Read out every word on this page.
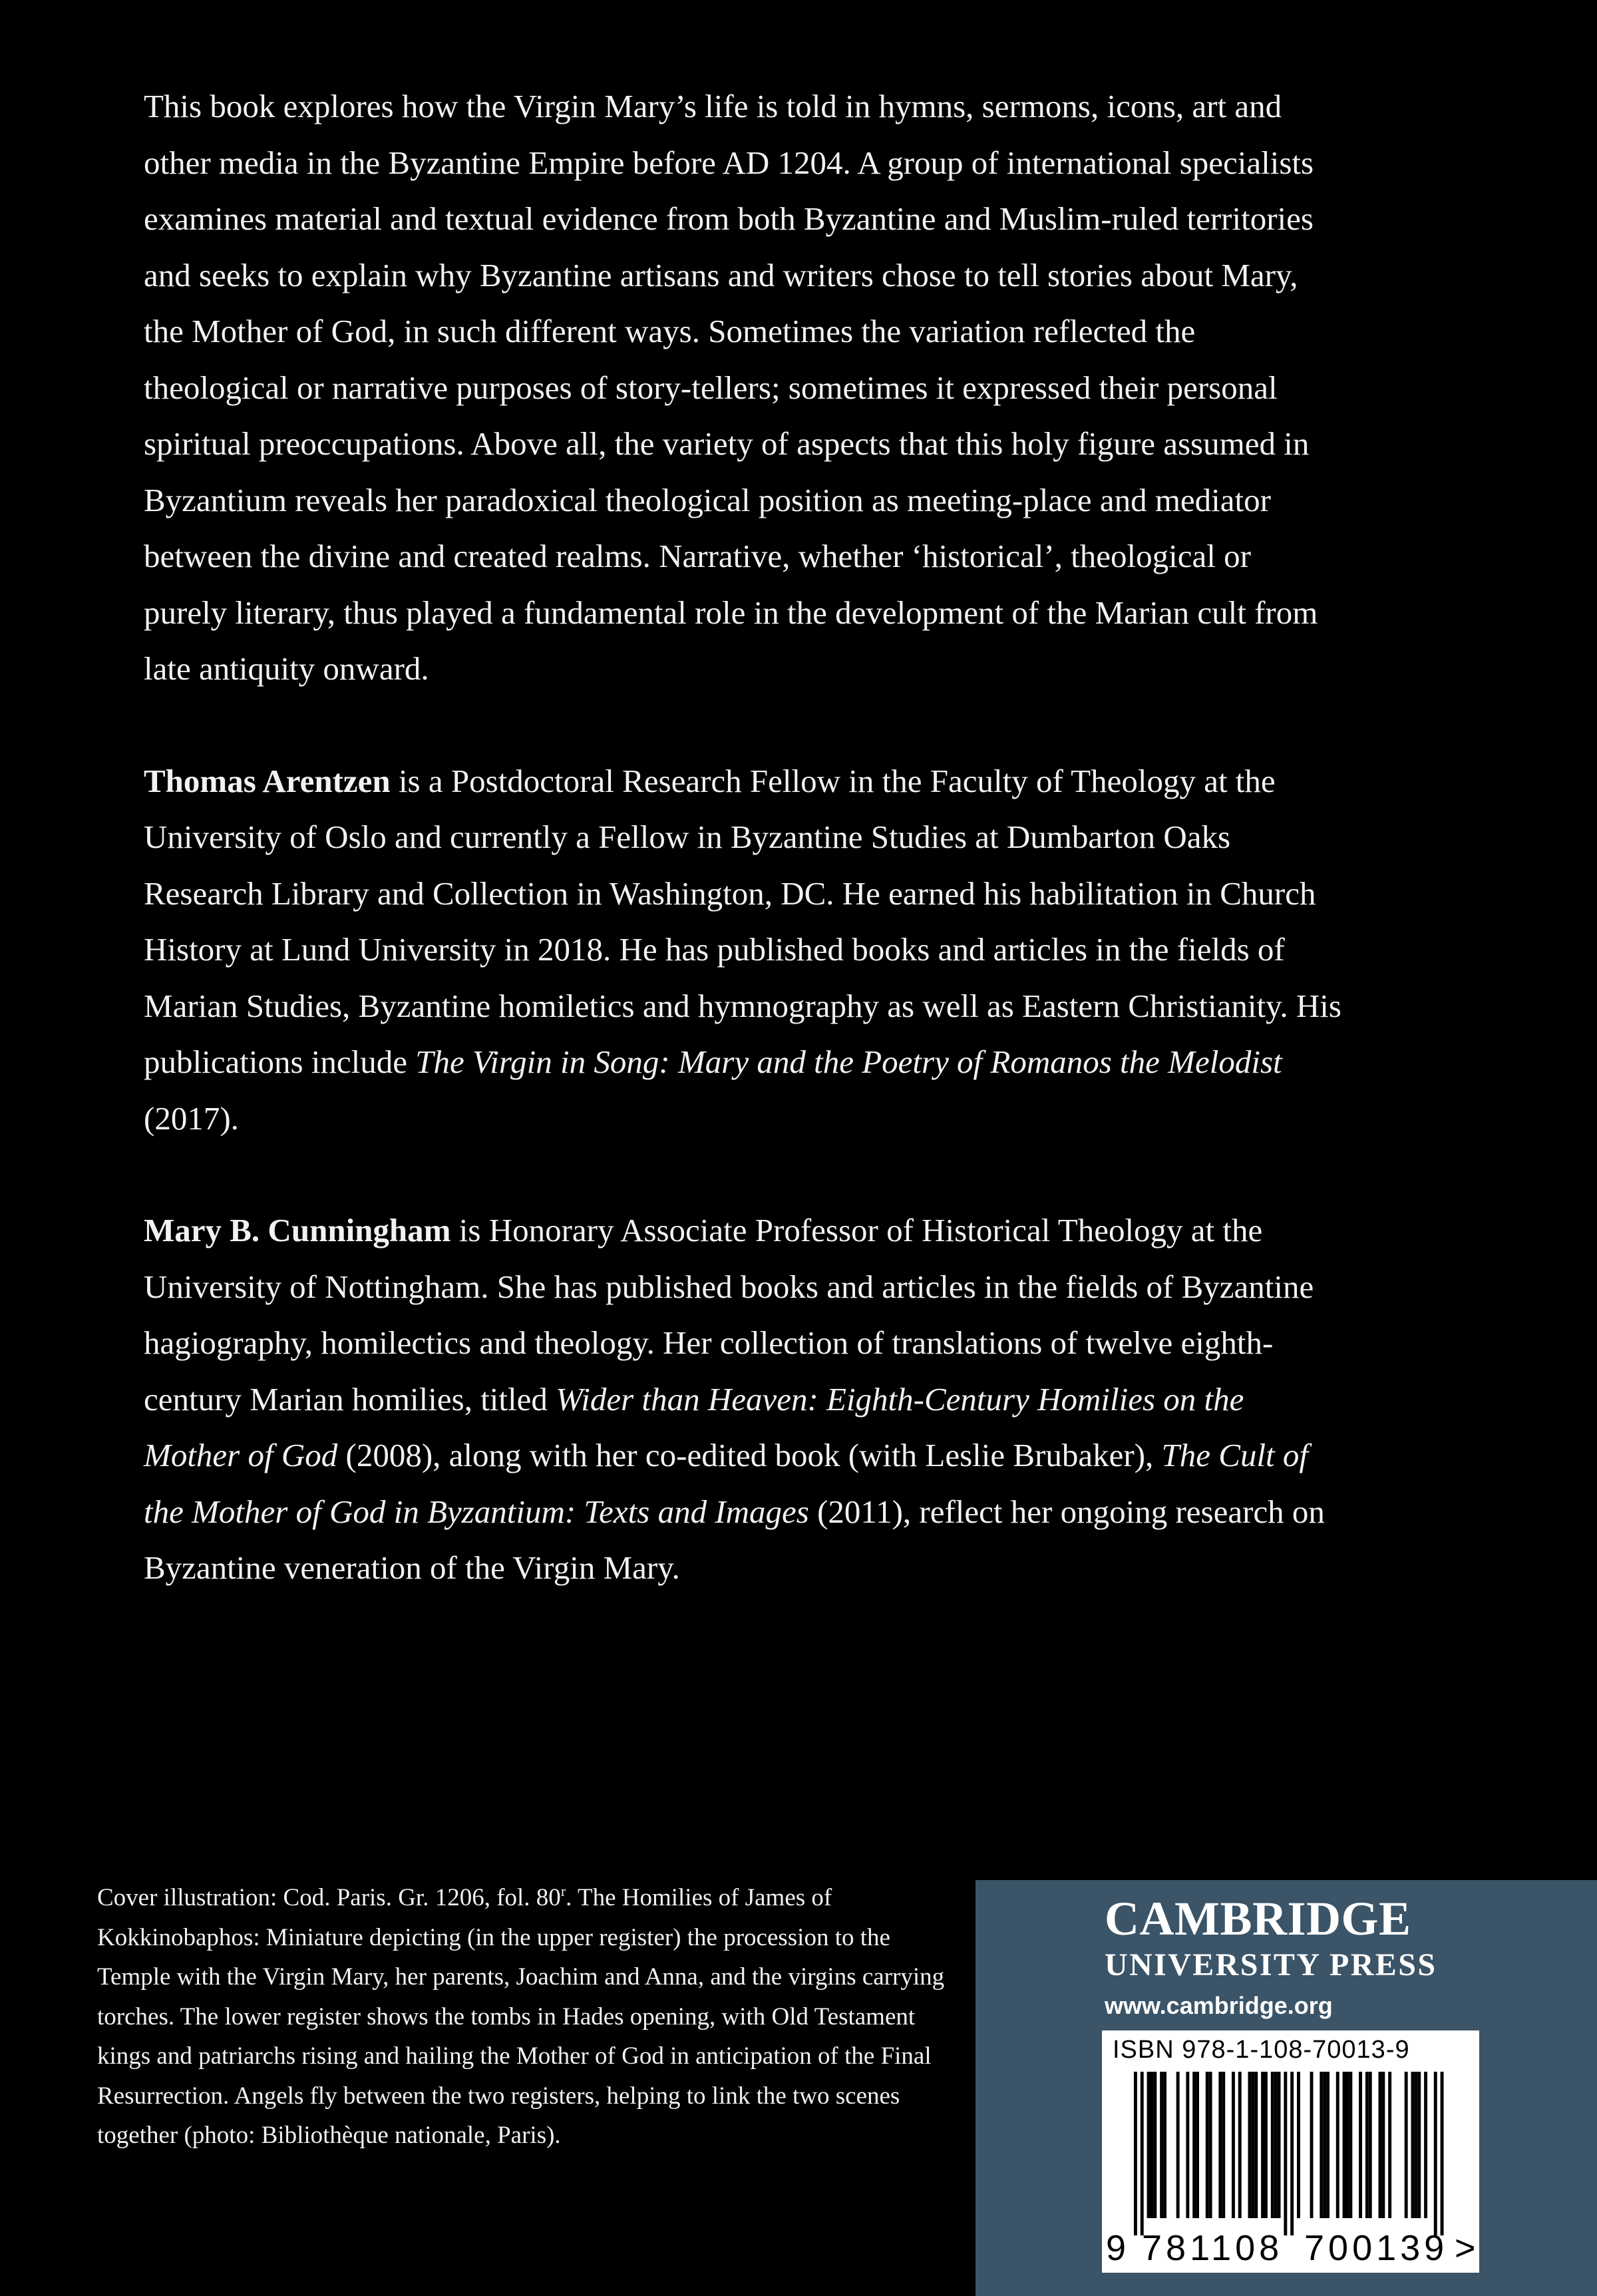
This book explores how the Virgin Mary’s life is told in hymns, sermons, icons, art and other media in the Byzantine Empire before AD 1204. A group of international specialists examines material and textual evidence from both Byzantine and Muslim-ruled territories and seeks to explain why Byzantine artisans and writers chose to tell stories about Mary, the Mother of God, in such different ways. Sometimes the variation reflected the theological or narrative purposes of story-tellers; sometimes it expressed their personal spiritual preoccupations. Above all, the variety of aspects that this holy figure assumed in Byzantium reveals her paradoxical theological position as meeting-place and mediator between the divine and created realms. Narrative, whether ‘historical’, theological or purely literary, thus played a fundamental role in the development of the Marian cult from late antiquity onward.

Thomas Arentzen is a Postdoctoral Research Fellow in the Faculty of Theology at the University of Oslo and currently a Fellow in Byzantine Studies at Dumbarton Oaks Research Library and Collection in Washington, DC. He earned his habilitation in Church History at Lund University in 2018. He has published books and articles in the fields of Marian Studies, Byzantine homiletics and hymnography as well as Eastern Christianity. His publications include The Virgin in Song: Mary and the Poetry of Romanos the Melodist (2017).

Mary B. Cunningham is Honorary Associate Professor of Historical Theology at the University of Nottingham. She has published books and articles in the fields of Byzantine hagiography, homilectics and theology. Her collection of translations of twelve eighth-century Marian homilies, titled Wider than Heaven: Eighth-Century Homilies on the Mother of God (2008), along with her co-edited book (with Leslie Brubaker), The Cult of the Mother of God in Byzantium: Texts and Images (2011), reflect her ongoing research on Byzantine veneration of the Virgin Mary.

Cover illustration: Cod. Paris. Gr. 1206, fol. 80$^r$. The Homilies of James of Kokkinobaphos: Miniature depicting (in the upper register) the procession to the Temple with the Virgin Mary, her parents, Joachim and Anna, and the virgins carrying torches. The lower register shows the tombs in Hades opening, with Old Testament kings and patriarchs rising and hailing the Mother of God in anticipation of the Final Resurrection. Angels fly between the two registers, helping to link the two scenes together (photo: Bibliothèque nationale, Paris).

CAMBRIDGE
UNIVERSITY PRESS
www.cambridge.org
ISBN 978-1-108-70013-9
9 781108 700139 >
